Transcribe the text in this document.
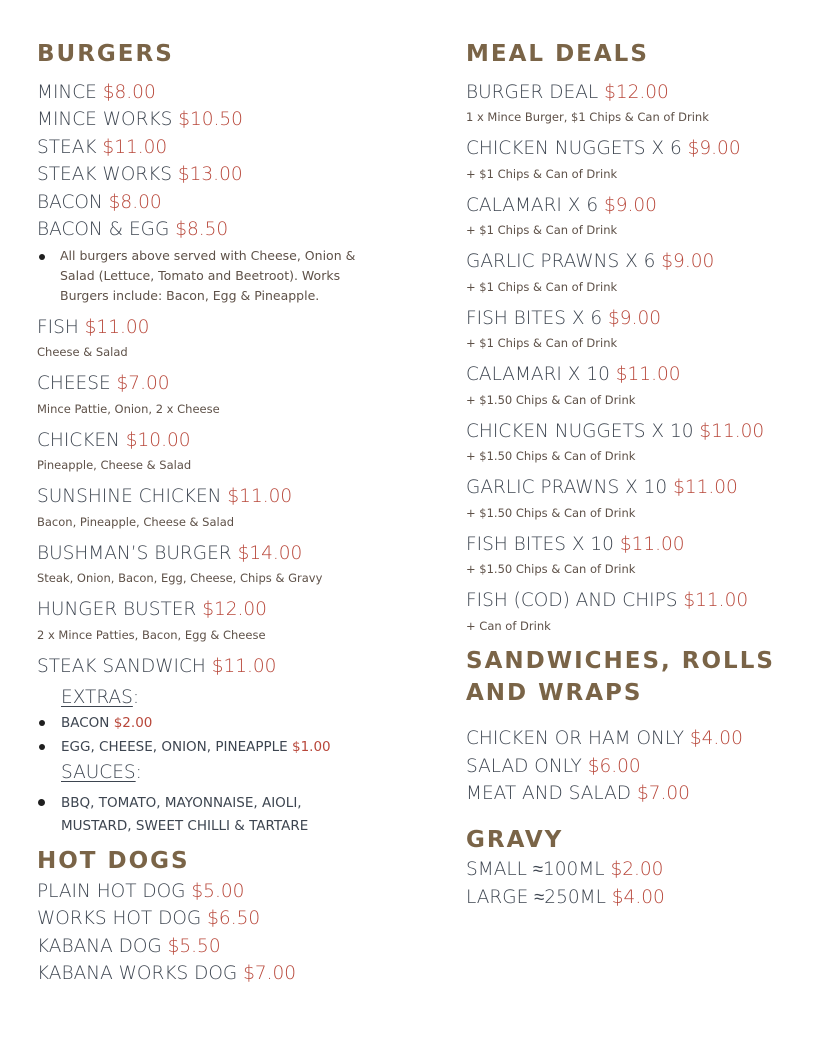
BURGERS
MINCE $8.00
MINCE WORKS $10.50
STEAK $11.00
STEAK WORKS $13.00
BACON $8.00
BACON & EGG $8.50
All burgers above served with Cheese, Onion & Salad (Lettuce, Tomato and Beetroot). Works Burgers include: Bacon, Egg & Pineapple.
FISH $11.00
Cheese & Salad
CHEESE $7.00
Mince Pattie, Onion, 2 x Cheese
CHICKEN $10.00
Pineapple, Cheese & Salad
SUNSHINE CHICKEN $11.00
Bacon, Pineapple, Cheese & Salad
BUSHMAN’S BURGER $14.00
Steak, Onion, Bacon, Egg, Cheese, Chips & Gravy
HUNGER BUSTER $12.00
2 x Mince Patties, Bacon, Egg & Cheese
STEAK SANDWICH $11.00
EXTRAS:
BACON $2.00
EGG, CHEESE, ONION, PINEAPPLE $1.00
SAUCES:
BBQ, TOMATO, MAYONNAISE, AIOLI,
MUSTARD, SWEET CHILLI & TARTARE
HOT DOGS
PLAIN HOT DOG $5.00
WORKS HOT DOG $6.50
KABANA DOG $5.50
KABANA WORKS DOG $7.00
MEAL DEALS
BURGER DEAL $12.00
1 x Mince Burger, $1 Chips & Can of Drink
CHICKEN NUGGETS X 6 $9.00
+ $1 Chips & Can of Drink
CALAMARI X 6 $9.00
+ $1 Chips & Can of Drink
GARLIC PRAWNS X 6 $9.00
+ $1 Chips & Can of Drink
FISH BITES X 6 $9.00
+ $1 Chips & Can of Drink
CALAMARI X 10 $11.00
+ $1.50 Chips & Can of Drink
CHICKEN NUGGETS X 10 $11.00
+ $1.50 Chips & Can of Drink
GARLIC PRAWNS X 10 $11.00
+ $1.50 Chips & Can of Drink
FISH BITES X 10 $11.00
+ $1.50 Chips & Can of Drink
FISH (COD) AND CHIPS $11.00
+ Can of Drink
SANDWICHES, ROLLS
AND WRAPS
CHICKEN OR HAM ONLY $4.00
SALAD ONLY $6.00
MEAT AND SALAD $7.00
GRAVY
SMALL ≈100ML $2.00
LARGE ≈250ML $4.00
